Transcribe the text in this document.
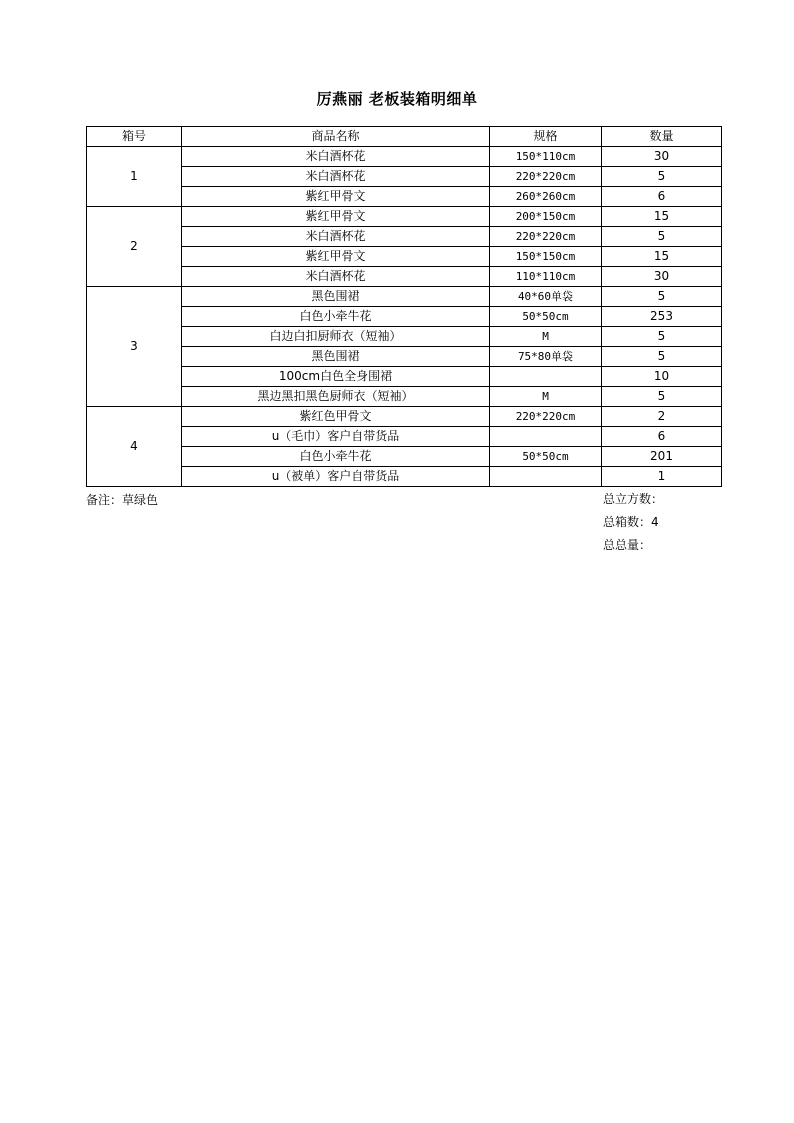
厉燕丽 老板装箱明细单
箱号	商品名称	规格	数量
1	米白酒杯花	150*110cm	30
	米白酒杯花	220*220cm	5
	紫红甲骨文	260*260cm	6
2	紫红甲骨文	200*150cm	15
	米白酒杯花	220*220cm	5
	紫红甲骨文	150*150cm	15
	米白酒杯花	110*110cm	30
3	黑色围裙	40*60单袋	5
	白色小牵牛花	50*50cm	253
	白边白扣厨师衣（短袖）	M	5
	黑色围裙	75*80单袋	5
	100cm白色全身围裙		10
	黑边黑扣黑色厨师衣（短袖）	M	5
4	紫红色甲骨文	220*220cm	2
	u（毛巾）客户自带货品		6
	白色小牵牛花	50*50cm	201
	u（被单）客户自带货品		1
备注：草绿色	总立方数：
总箱数：4
总总量：
